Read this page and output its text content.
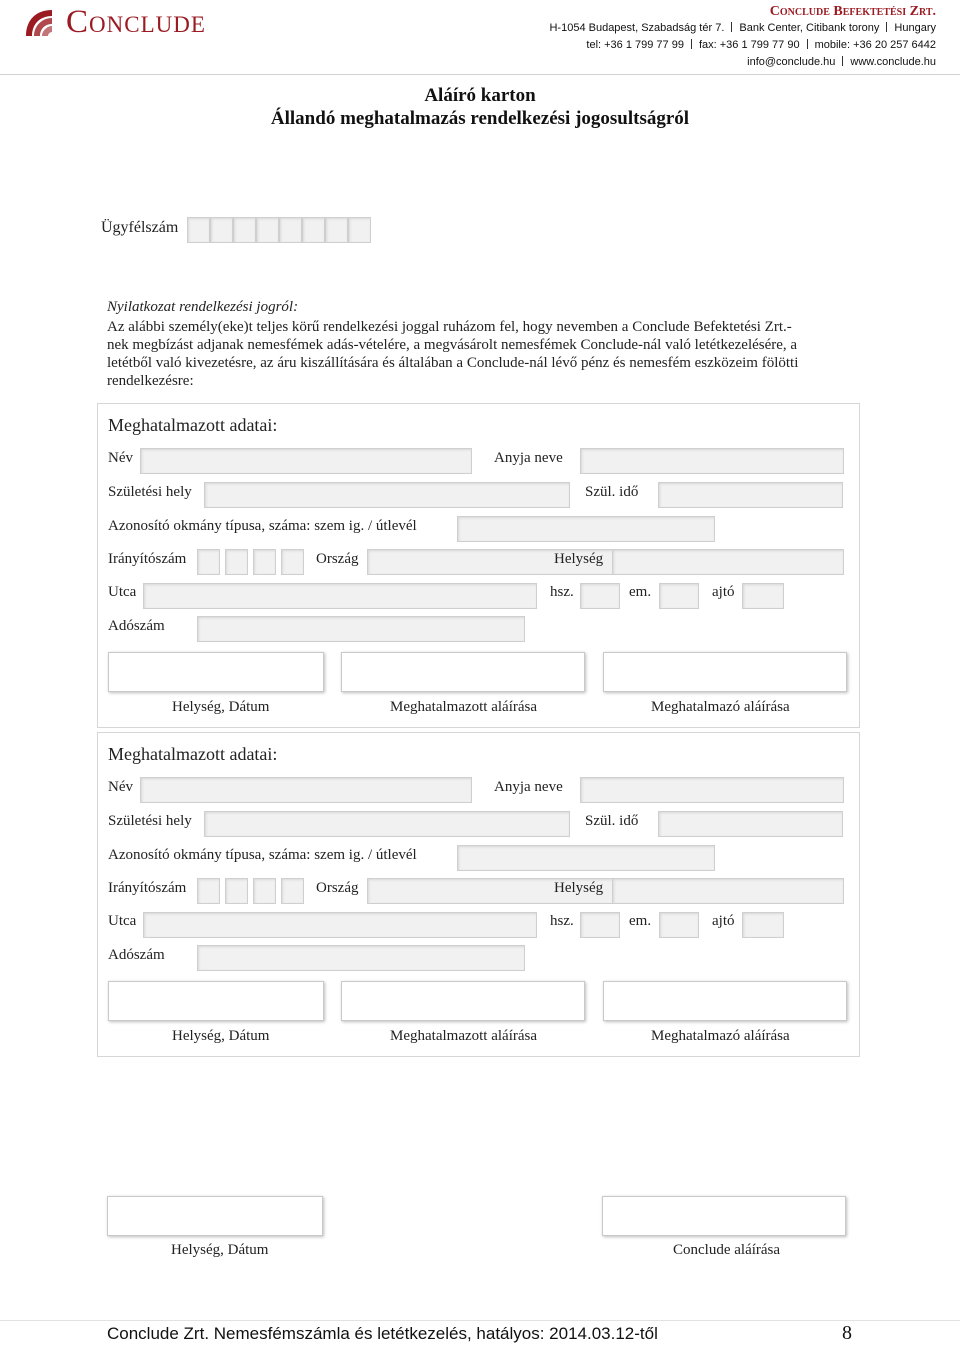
Conclude	Conclude Befektetési Zrt.
H-1054 Budapest, Szabadság tér 7. Bank Center, Citibank torony Hungary
tel: +36 1 799 77 99 fax: +36 1 799 77 90 mobile: +36 20 257 6442
info@conclude.hu www.conclude.hu
Aláíró karton
Állandó meghatalmazás rendelkezési jogosultságról
Ügyfélszám
Nyilatkozat rendelkezési jogról:
Az alábbi személy(eke)t teljes körű rendelkezési joggal ruházom fel, hogy nevemben a Conclude Befektetési Zrt.-
nek megbízást adjanak nemesfémek adás-vételére, a megvásárolt nemesfémek Conclude-nál való letétkezelésére, a
letétből való kivezetésre, az áru kiszállítására és általában a Conclude-nál lévő pénz és nemesfém eszközeim fölötti
rendelkezésre:
Meghatalmazott adatai:
Név	Anyja neve
Születési hely	Szül. idő
Azonosító okmány típusa, száma: szem ig. / útlevél
Irányítószám	Ország	Helység
Utca	hsz.	em.	ajtó
Adószám
Helység, Dátum	Meghatalmazott aláírása	Meghatalmazó aláírása
Meghatalmazott adatai:
Név	Anyja neve
Születési hely	Szül. idő
Azonosító okmány típusa, száma: szem ig. / útlevél
Irányítószám	Ország	Helység
Utca	hsz.	em.	ajtó
Adószám
Helység, Dátum	Meghatalmazott aláírása	Meghatalmazó aláírása
Helység, Dátum	Conclude aláírása
Conclude Zrt. Nemesfémszámla és letétkezelés, hatályos: 2014.03.12-től	8
